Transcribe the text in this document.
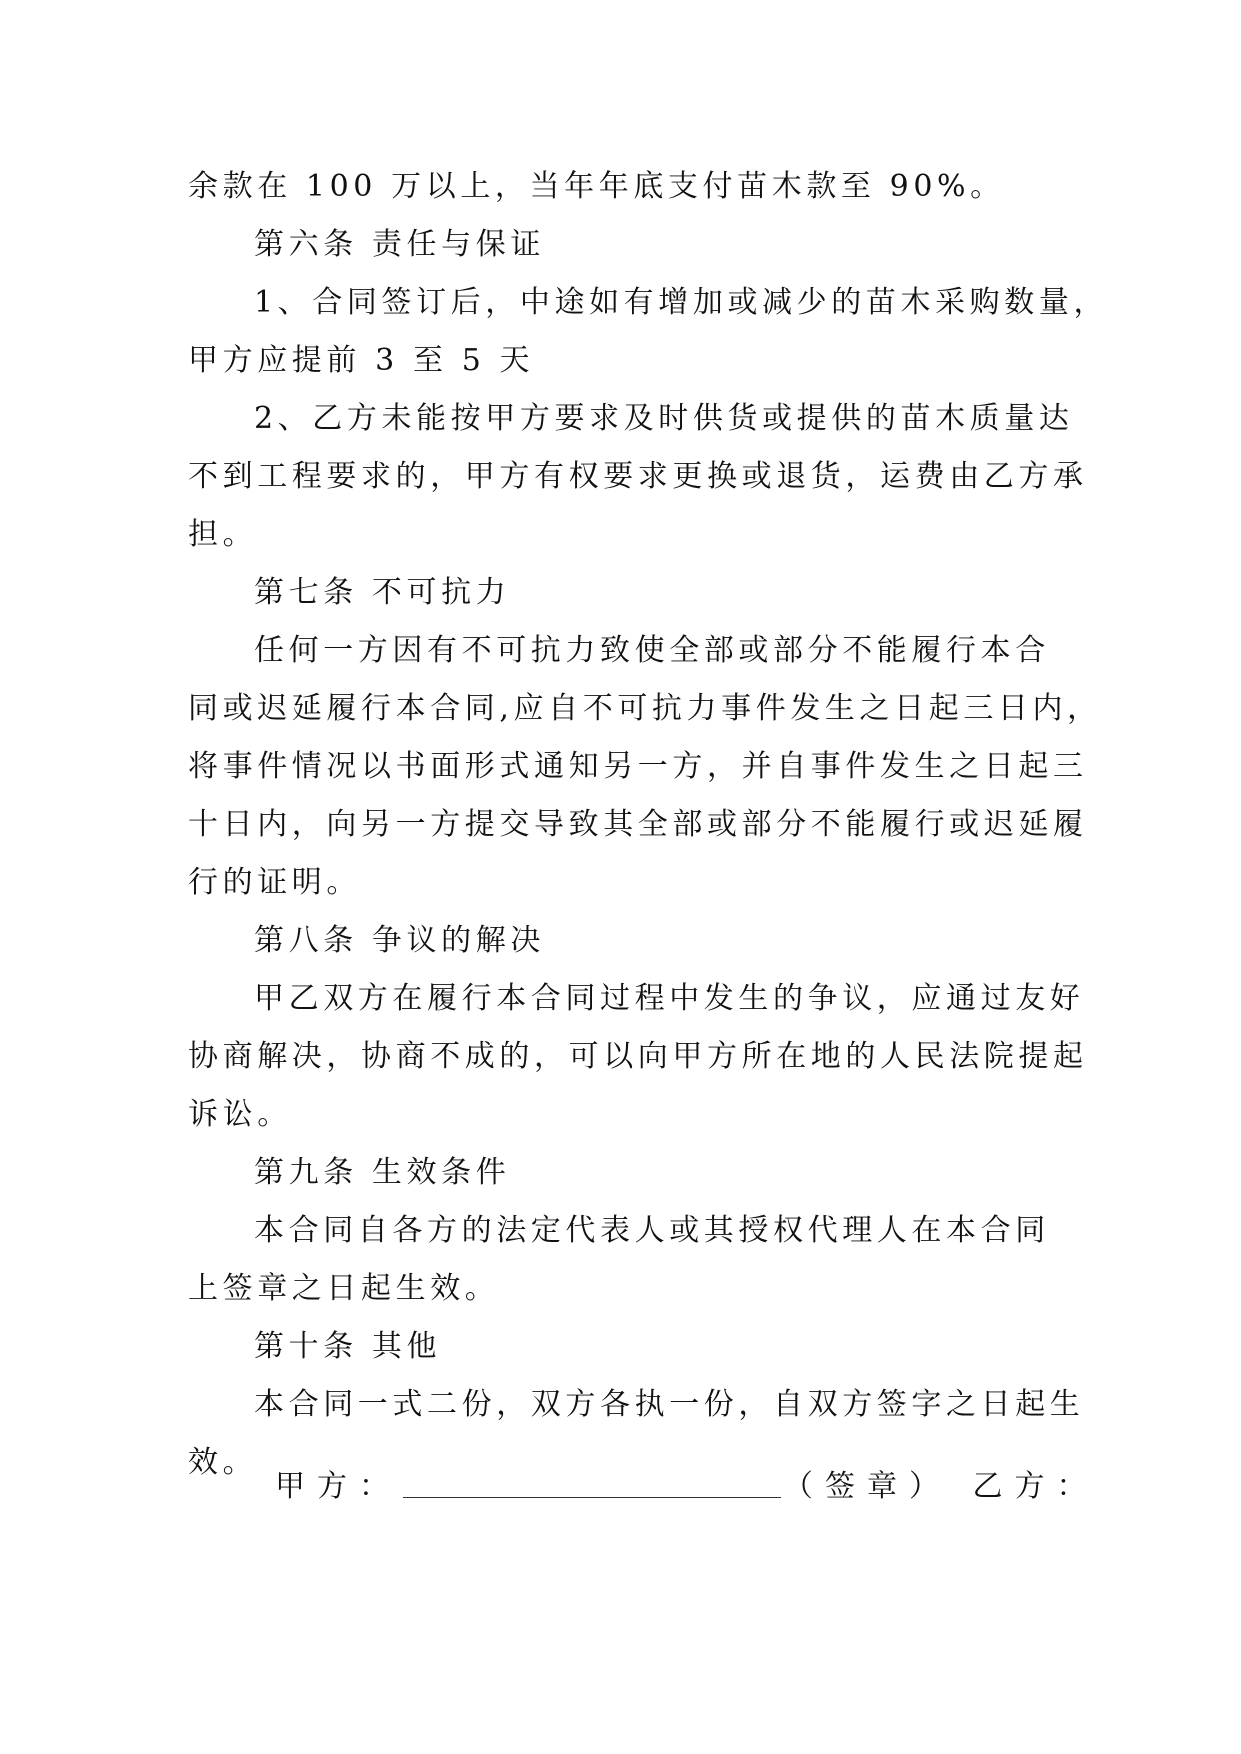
余款在 100 万以上，当年年底支付苗木款至 90%。
第六条 责任与保证
1、合同签订后，中途如有增加或减少的苗木采购数量，
甲方应提前 3 至 5 天
2、乙方未能按甲方要求及时供货或提供的苗木质量达
不到工程要求的，甲方有权要求更换或退货，运费由乙方承
担。
第七条 不可抗力
任何一方因有不可抗力致使全部或部分不能履行本合
同或迟延履行本合同,应自不可抗力事件发生之日起三日内，
将事件情况以书面形式通知另一方，并自事件发生之日起三
十日内，向另一方提交导致其全部或部分不能履行或迟延履
行的证明。
第八条 争议的解决
甲乙双方在履行本合同过程中发生的争议，应通过友好
协商解决，协商不成的，可以向甲方所在地的人民法院提起
诉讼。
第九条 生效条件
本合同自各方的法定代表人或其授权代理人在本合同
上签章之日起生效。
第十条 其他
本合同一式二份，双方各执一份，自双方签字之日起生
效。
甲方：	（签章） 乙方：
